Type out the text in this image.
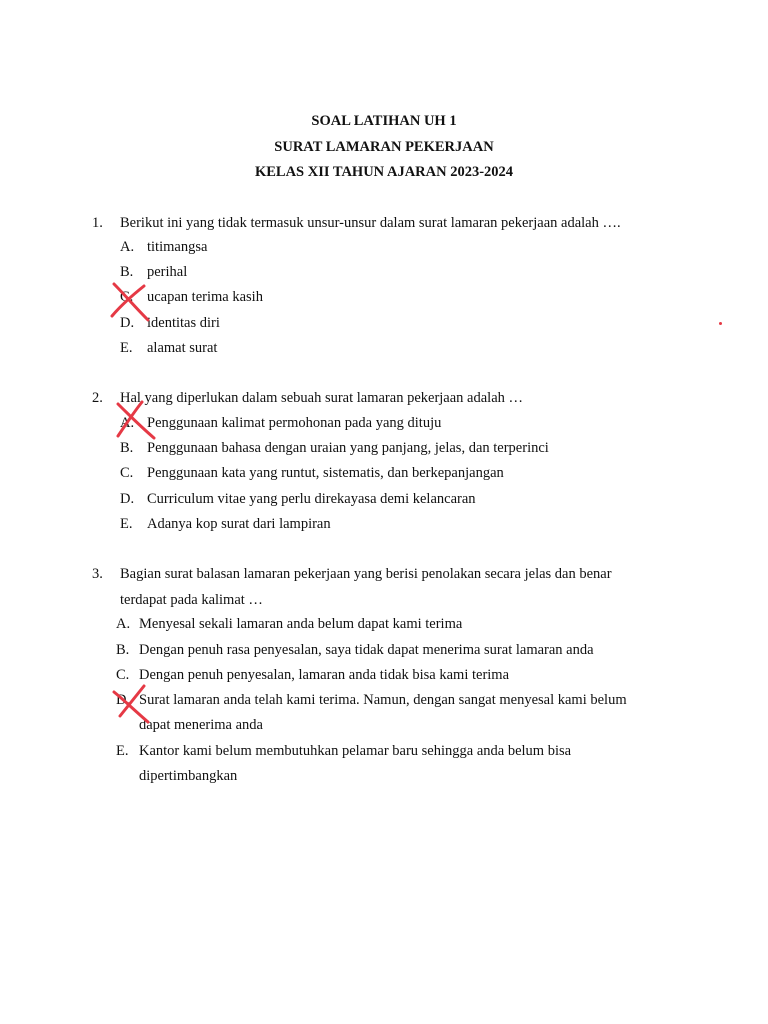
SOAL LATIHAN UH 1
SURAT LAMARAN PEKERJAAN
KELAS XII TAHUN AJARAN 2023-2024
1. Berikut ini yang tidak termasuk unsur-unsur dalam surat lamaran pekerjaan adalah ….
A. titimangsa
B. perihal
C. ucapan terima kasih
D. identitas diri
E. alamat surat
2. Hal yang diperlukan dalam sebuah surat lamaran pekerjaan adalah …
A. Penggunaan kalimat permohonan pada yang dituju
B. Penggunaan bahasa dengan uraian yang panjang, jelas, dan terperinci
C. Penggunaan kata yang runtut, sistematis, dan berkepanjangan
D. Curriculum vitae yang perlu direkayasa demi kelancaran
E. Adanya kop surat dari lampiran
3. Bagian surat balasan lamaran pekerjaan yang berisi penolakan secara jelas dan benar
terdapat pada kalimat …
A. Menyesal sekali lamaran anda belum dapat kami terima
B. Dengan penuh rasa penyesalan, saya tidak dapat menerima surat lamaran anda
C. Dengan penuh penyesalan, lamaran anda tidak bisa kami terima
D. Surat lamaran anda telah kami terima. Namun, dengan sangat menyesal kami belum
dapat menerima anda
E. Kantor kami belum membutuhkan pelamar baru sehingga anda belum bisa
dipertimbangkan
